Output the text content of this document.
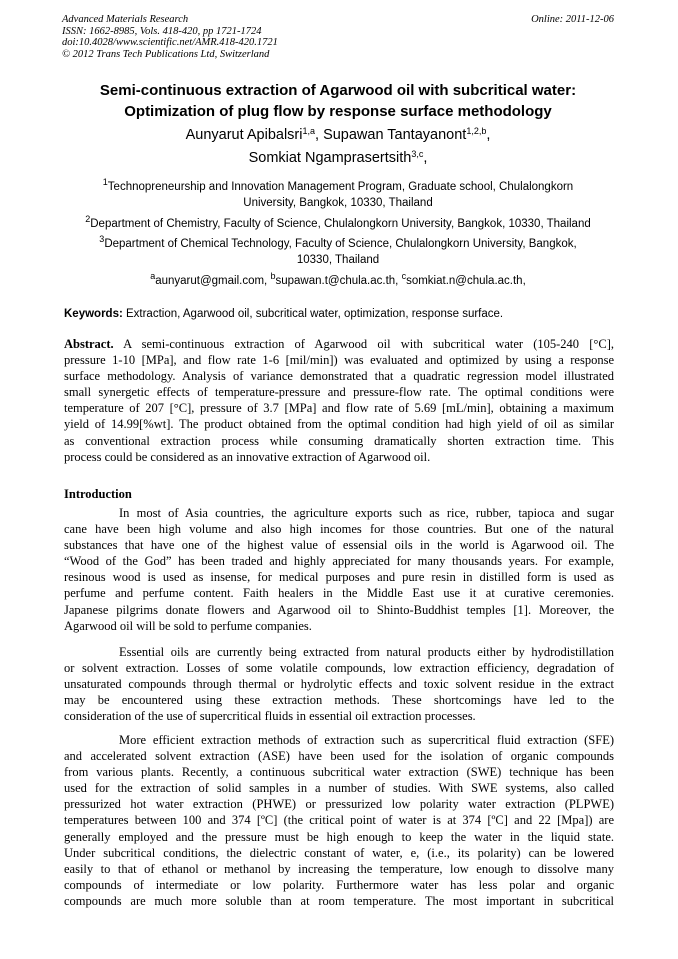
Advanced Materials Research
ISSN: 1662-8985, Vols. 418-420, pp 1721-1724
doi:10.4028/www.scientific.net/AMR.418-420.1721
© 2012 Trans Tech Publications Ltd, Switzerland
Online: 2011-12-06
Semi-continuous extraction of Agarwood oil with subcritical water:
Optimization of plug flow by response surface methodology
Aunyarut Apibalsri$^{1,a}$, Supawan Tantayanont$^{1,2,b}$,
Somkiat Ngamprasertsith$^{3,c}$,
$^1$Technopreneurship and Innovation Management Program, Graduate school, Chulalongkorn
University, Bangkok, 10330, Thailand
$^2$Department of Chemistry, Faculty of Science, Chulalongkorn University, Bangkok, 10330, Thailand
$^3$Department of Chemical Technology, Faculty of Science, Chulalongkorn University, Bangkok,
10330, Thailand
$^a$aunyarut@gmail.com, $^b$supawan.t@chula.ac.th, $^c$somkiat.n@chula.ac.th,
Keywords: Extraction, Agarwood oil, subcritical water, optimization, response surface.
Abstract. A semi-continuous extraction of Agarwood oil with subcritical water (105-240 [°C],
pressure 1-10 [MPa], and flow rate 1-6 [mil/min]) was evaluated and optimized by using a response
surface methodology. Analysis of variance demonstrated that a quadratic regression model illustrated
small synergetic effects of temperature-pressure and pressure-flow rate. The optimal conditions were
temperature of 207 [°C], pressure of 3.7 [MPa] and flow rate of 5.69 [mL/min], obtaining a maximum
yield of 14.99[%wt]. The product obtained from the optimal condition had high yield of oil as similar
as conventional extraction process while consuming dramatically shorten extraction time. This
process could be considered as an innovative extraction of Agarwood oil.
Introduction
In most of Asia countries, the agriculture exports such as rice, rubber, tapioca and sugar
cane have been high volume and also high incomes for those countries. But one of the natural
substances that have one of the highest value of essensial oils in the world is Agarwood oil. The
“Wood of the God” has been traded and highly appreciated for many thousands years. For example,
resinous wood is used as insense, for medical purposes and pure resin in distilled form is used as
perfume and perfume content. Faith healers in the Middle East use it at curative ceremonies.
Japanese pilgrims donate flowers and Agarwood oil to Shinto-Buddhist temples [1]. Moreover, the
Agarwood oil will be sold to perfume companies.
Essential oils are currently being extracted from natural products either by hydrodistillation
or solvent extraction. Losses of some volatile compounds, low extraction efficiency, degradation of
unsaturated compounds through thermal or hydrolytic effects and toxic solvent residue in the extract
may be encountered using these extraction methods. These shortcomings have led to the
consideration of the use of supercritical fluids in essential oil extraction processes.
More efficient extraction methods of extraction such as supercritical fluid extraction (SFE)
and accelerated solvent extraction (ASE) have been used for the isolation of organic compounds
from various plants. Recently, a continuous subcritical water extraction (SWE) technique has been
used for the extraction of solid samples in a number of studies. With SWE systems, also called
pressurized hot water extraction (PHWE) or pressurized low polarity water extraction (PLPWE)
temperatures between 100 and 374 [ºC] (the critical point of water is at 374 [ºC] and 22 [Mpa]) are
generally employed and the pressure must be high enough to keep the water in the liquid state.
Under subcritical conditions, the dielectric constant of water, e, (i.e., its polarity) can be lowered
easily to that of ethanol or methanol by increasing the temperature, low enough to dissolve many
compounds of intermediate or low polarity. Furthermore water has less polar and organic
compounds are much more soluble than at room temperature. The most important in subcritical
